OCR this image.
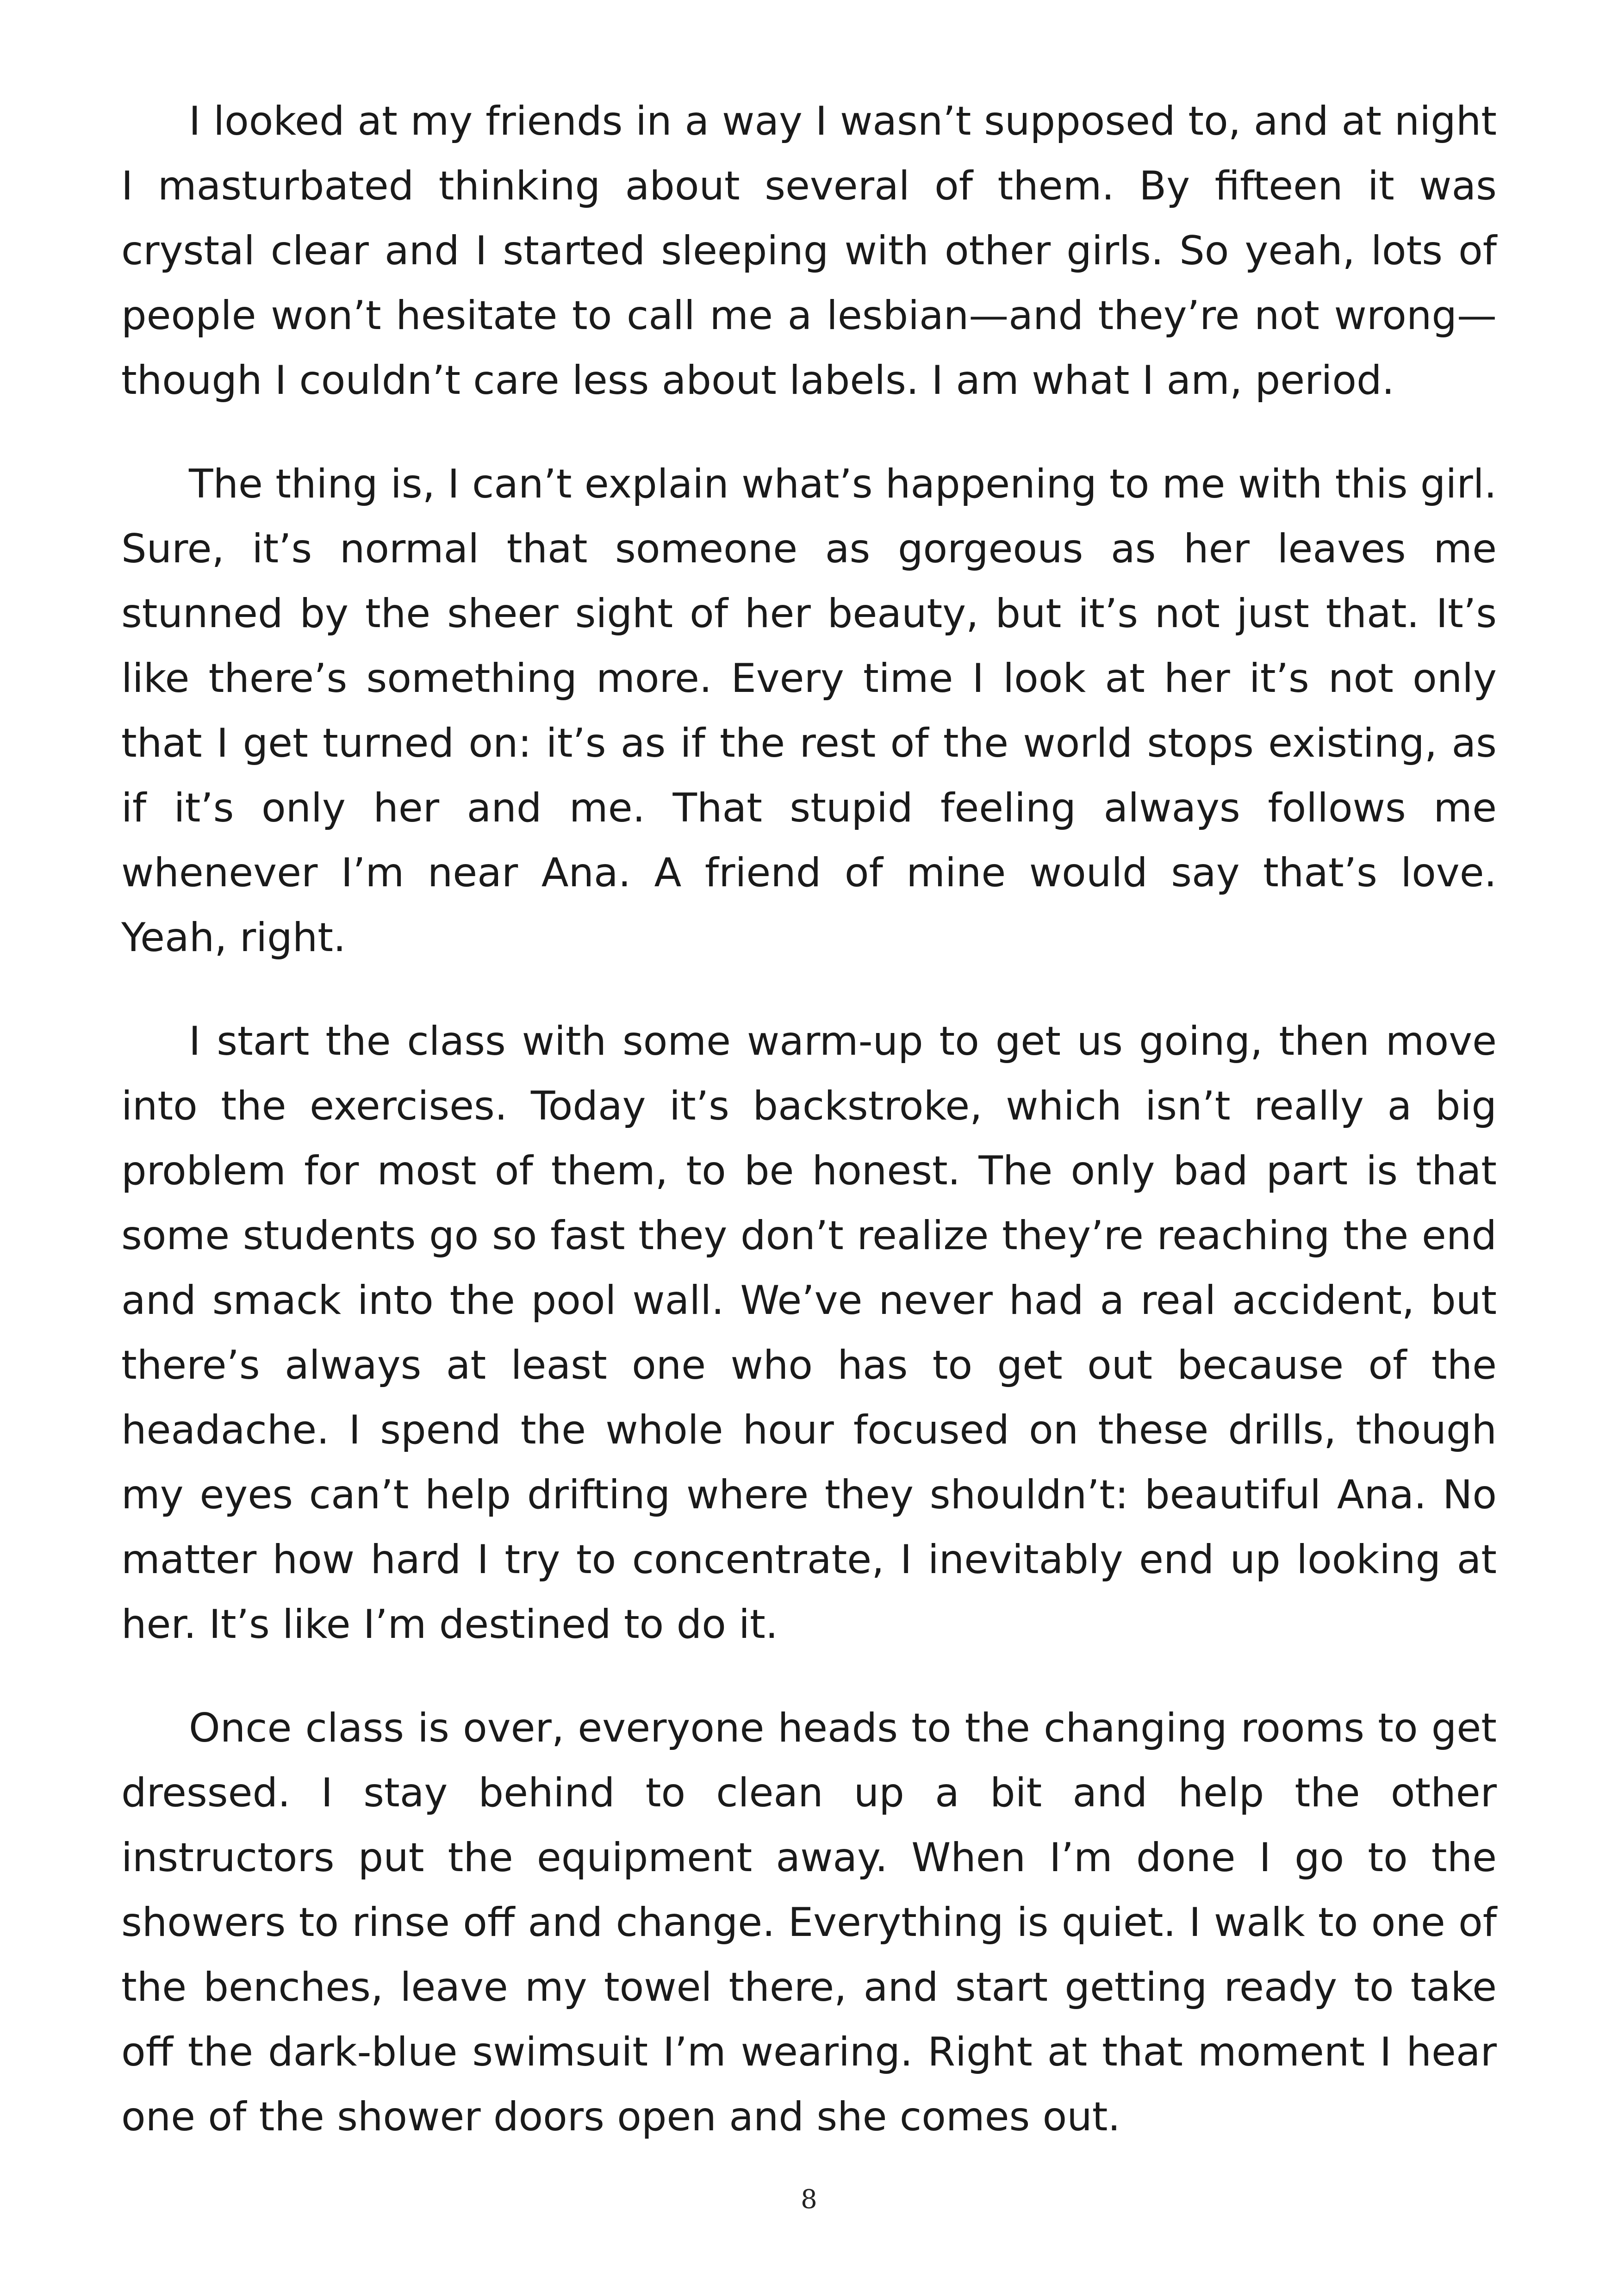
I looked at my friends in a way I wasn’t supposed to, and at night I masturbated thinking about several of them. By fifteen it was crystal clear and I started sleeping with other girls. So yeah, lots of people won’t hesitate to call me a lesbian—and they’re not wrong—though I couldn’t care less about labels. I am what I am, period.

The thing is, I can’t explain what’s happening to me with this girl. Sure, it’s normal that someone as gorgeous as her leaves me stunned by the sheer sight of her beauty, but it’s not just that. It’s like there’s something more. Every time I look at her it’s not only that I get turned on: it’s as if the rest of the world stops existing, as if it’s only her and me. That stupid feeling always follows me whenever I’m near Ana. A friend of mine would say that’s love. Yeah, right.

I start the class with some warm-up to get us going, then move into the exercises. Today it’s backstroke, which isn’t really a big problem for most of them, to be honest. The only bad part is that some students go so fast they don’t realize they’re reaching the end and smack into the pool wall. We’ve never had a real accident, but there’s always at least one who has to get out because of the headache. I spend the whole hour focused on these drills, though my eyes can’t help drifting where they shouldn’t: beautiful Ana. No matter how hard I try to concentrate, I inevitably end up looking at her. It’s like I’m destined to do it.

Once class is over, everyone heads to the changing rooms to get dressed. I stay behind to clean up a bit and help the other instructors put the equipment away. When I’m done I go to the showers to rinse off and change. Everything is quiet. I walk to one of the benches, leave my towel there, and start getting ready to take off the dark-blue swimsuit I’m wearing. Right at that moment I hear one of the shower doors open and she comes out.

8
